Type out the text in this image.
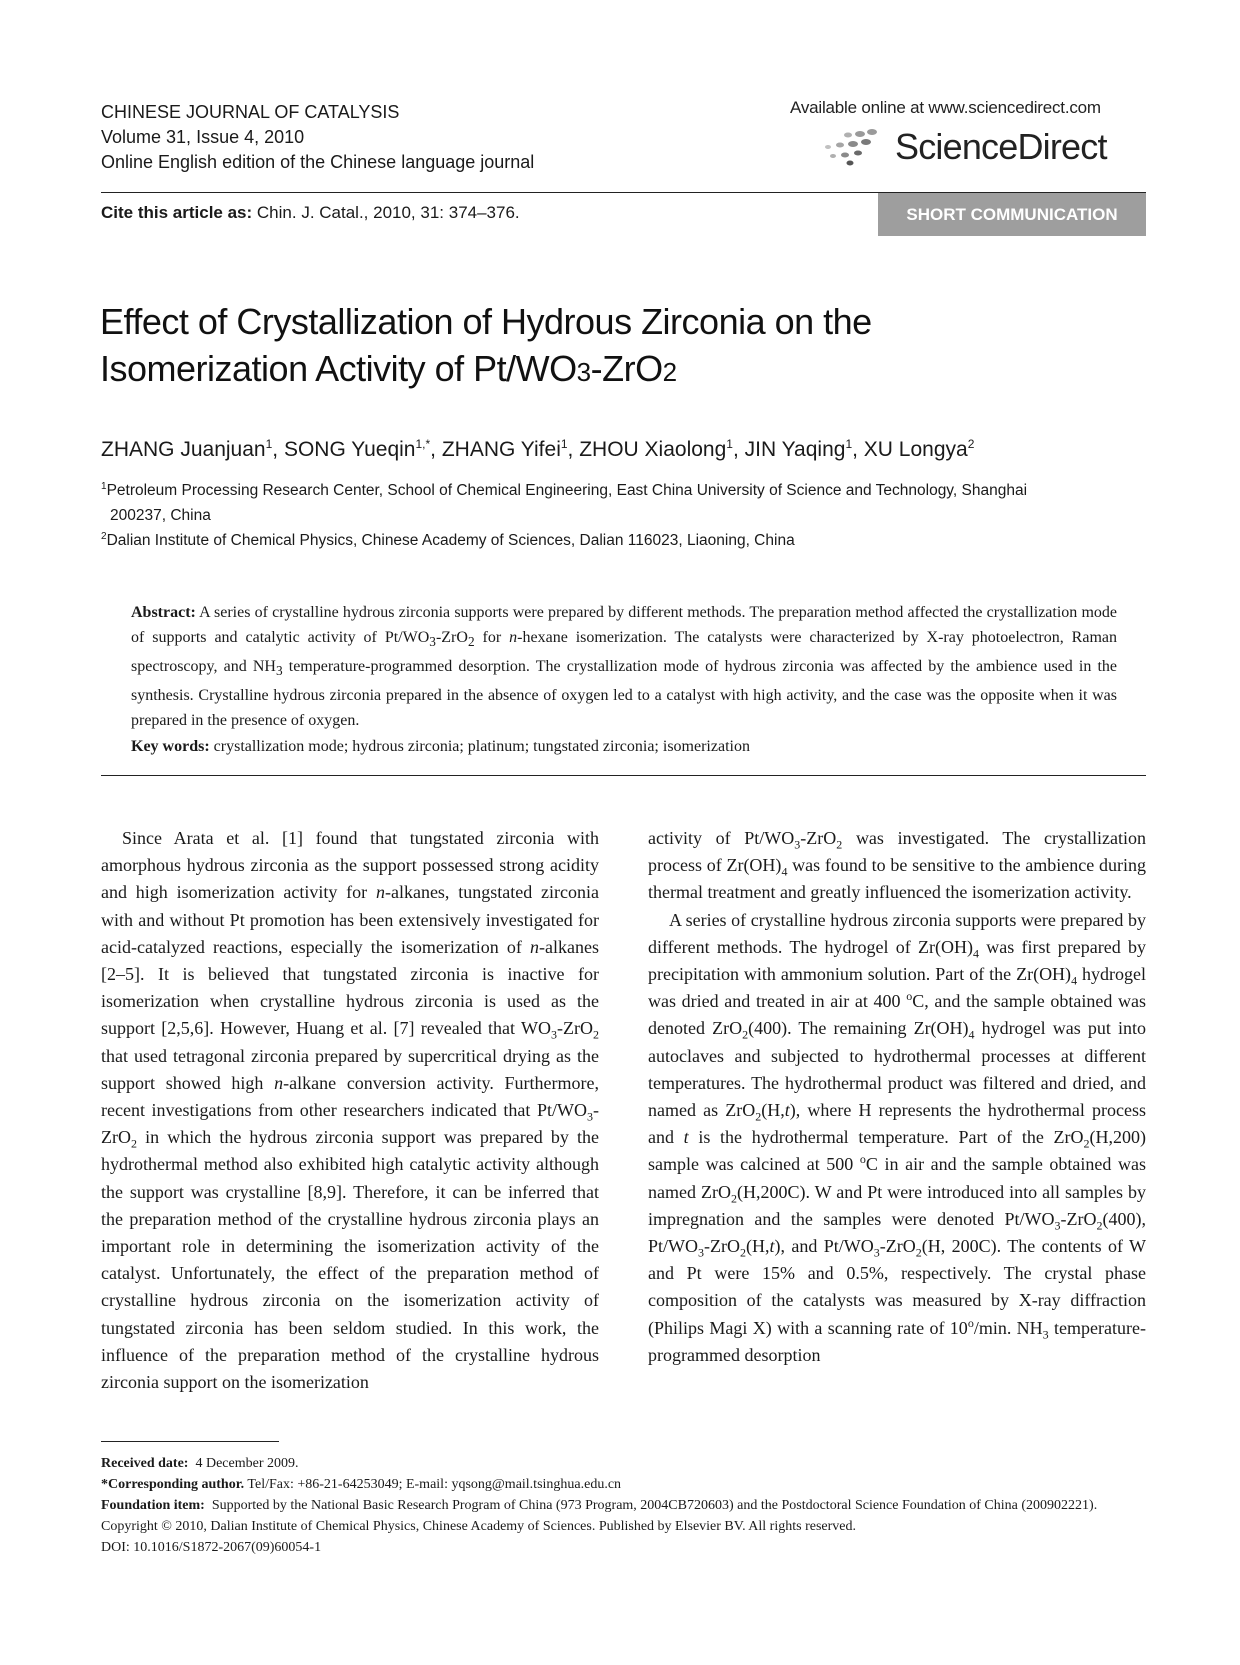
CHINESE JOURNAL OF CATALYSIS
Volume 31, Issue 4, 2010
Online English edition of the Chinese language journal
Available online at www.sciencedirect.com
ScienceDirect
Cite this article as: Chin. J. Catal., 2010, 31: 374–376.	SHORT COMMUNICATION
Effect of Crystallization of Hydrous Zirconia on the
Isomerization Activity of Pt/WO3-ZrO2
ZHANG Juanjuan$^1$, SONG Yueqin$^{1,*}$, ZHANG Yifei$^1$, ZHOU Xiaolong$^1$, JIN Yaqing$^1$, XU Longya$^2$
$^1$Petroleum Processing Research Center, School of Chemical Engineering, East China University of Science and Technology, Shanghai
200237, China
$^2$Dalian Institute of Chemical Physics, Chinese Academy of Sciences, Dalian 116023, Liaoning, China
Abstract: A series of crystalline hydrous zirconia supports were prepared by different methods. The preparation method affected the crystallization mode of supports and catalytic activity of $Pt/WO_3-ZrO_2$ for n-hexane isomerization. The catalysts were characterized by X-ray photoelectron, Raman spectroscopy, and $NH_3$ temperature-programmed desorption. The crystallization mode of hydrous zirconia was affected by the ambience used in the synthesis. Crystalline hydrous zirconia prepared in the absence of oxygen led to a catalyst with high activity, and the case was the opposite when it was prepared in the presence of oxygen.
Key words: crystallization mode; hydrous zirconia; platinum; tungstated zirconia; isomerization

Since Arata et al. [1] found that tungstated zirconia with amorphous hydrous zirconia as the support possessed strong acidity and high isomerization activity for n-alkanes, tungstated zirconia with and without Pt promotion has been extensively investigated for acid-catalyzed reactions, especially the isomerization of n-alkanes [2–5]. It is believed that tungstated zirconia is inactive for isomerization when crystalline hydrous zirconia is used as the support [2,5,6]. However, Huang et al. [7] revealed that $WO_3-ZrO_2$ that used tetragonal zirconia prepared by supercritical drying as the support showed high n-alkane conversion activity. Furthermore, recent investigations from other researchers indicated that $Pt/WO_3-ZrO_2$ in which the hydrous zirconia support was prepared by the hydrothermal method also exhibited high catalytic activity although the support was crystalline [8,9]. Therefore, it can be inferred that the preparation method of the crystalline hydrous zirconia plays an important role in determining the isomerization activity of the catalyst. Unfortunately, the effect of the preparation method of crystalline hydrous zirconia on the isomerization activity of tungstated zirconia has been seldom studied. In this work, the influence of the preparation method of the crystalline hydrous zirconia support on the isomerization

activity of $Pt/WO_3-ZrO_2$ was investigated. The crystallization process of $Zr(OH)_4$ was found to be sensitive to the ambience during thermal treatment and greatly influenced the isomerization activity.

A series of crystalline hydrous zirconia supports were prepared by different methods. The hydrogel of $Zr(OH)_4$ was first prepared by precipitation with ammonium solution. Part of the $Zr(OH)_4$ hydrogel was dried and treated in air at 400 $^o$C, and the sample obtained was denoted ZrO$_2$(400). The remaining $Zr(OH)_4$ hydrogel was put into autoclaves and subjected to hydrothermal processes at different temperatures. The hydrothermal product was filtered and dried, and named as ZrO$_2$(H,t), where H represents the hydrothermal process and t is the hydrothermal temperature. Part of the ZrO$_2$(H,200) sample was calcined at 500 $^o$C in air and the sample obtained was named ZrO$_2$(H,200C). W and Pt were introduced into all samples by impregnation and the samples were denoted $Pt/WO_3-ZrO_2(400)$, $Pt/WO_3-ZrO_2(H,t)$, and $Pt/WO_3-ZrO_2(H$, 200C). The contents of W and Pt were 15% and 0.5%, respectively. The crystal phase composition of the catalysts was measured by X-ray diffraction (Philips Magi X) with a scanning rate of 10$^o$/min. $NH_3$ temperature-programmed desorption

Received date: 4 December 2009.
*Corresponding author. Tel/Fax: +86-21-64253049; E-mail: yqsong@mail.tsinghua.edu.cn
Foundation item: Supported by the National Basic Research Program of China (973 Program, 2004CB720603) and the Postdoctoral Science Foundation of China (200902221).
Copyright © 2010, Dalian Institute of Chemical Physics, Chinese Academy of Sciences. Published by Elsevier BV. All rights reserved.
DOI: 10.1016/S1872-2067(09)60054-1
